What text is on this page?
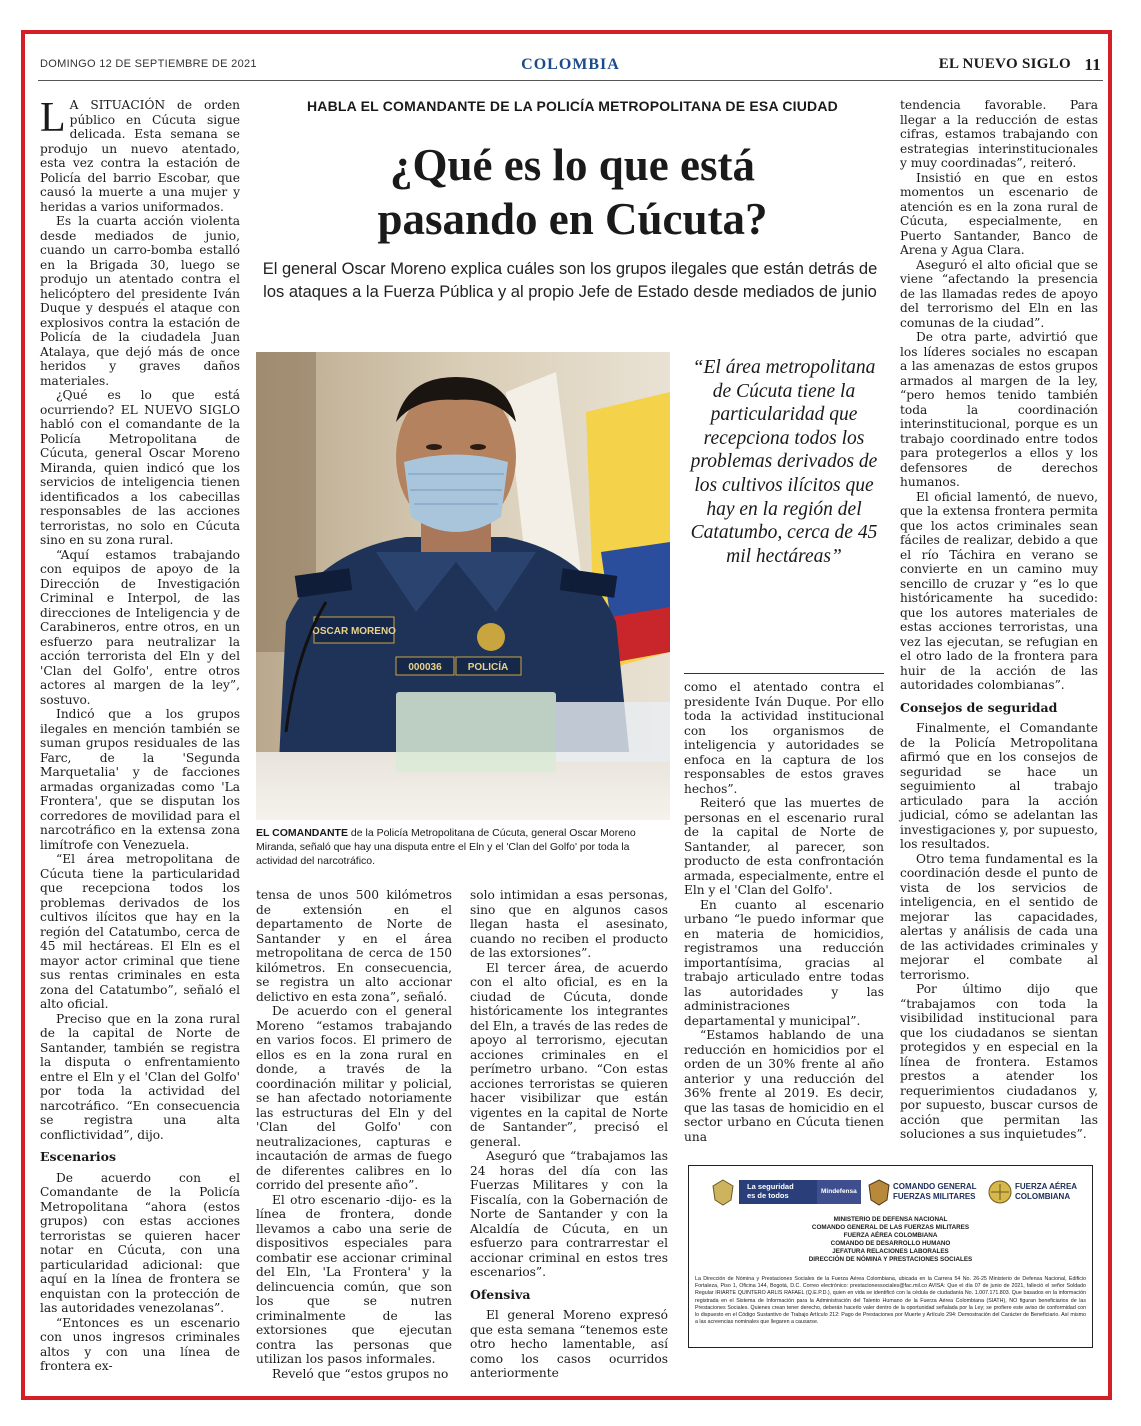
DOMINGO 12 DE SEPTIEMBRE DE 2021	COLOMBIA	EL NUEVO SIGLO 11

L A SITUACIÓN de orden público en Cúcuta sigue delicada. Esta semana se produjo un nuevo atentado, esta vez contra la estación de Policía del barrio Escobar, que causó la muerte a una mujer y heridas a varios uniformados.

Es la cuarta acción violenta desde mediados de junio, cuando un carro-bomba estalló en la Brigada 30, luego se produjo un atentado contra el helicóptero del presidente Iván Duque y después el ataque con explosivos contra la estación de Policía de la ciudadela Juan Atalaya, que dejó más de once heridos y graves daños materiales.

¿Qué es lo que está ocurriendo? EL NUEVO SIGLO habló con el comandante de la Policía Metropolitana de Cúcuta, general Oscar Moreno Miranda, quien indicó que los servicios de inteligencia tienen identificados a los cabecillas responsables de las acciones terroristas, no solo en Cúcuta sino en su zona rural.

“Aquí estamos trabajando con equipos de apoyo de la Dirección de Investigación Criminal e Interpol, de las direcciones de Inteligencia y de Carabineros, entre otros, en un esfuerzo para neutralizar la acción terrorista del Eln y del 'Clan del Golfo', entre otros actores al margen de la ley”, sostuvo.

Indicó que a los grupos ilegales en mención también se suman grupos residuales de las Farc, de la 'Segunda Marquetalia' y de facciones armadas organizadas como 'La Frontera', que se disputan los corredores de movilidad para el narcotráfico en la extensa zona limítrofe con Venezuela.

“El área metropolitana de Cúcuta tiene la particularidad que recepciona todos los problemas derivados de los cultivos ilícitos que hay en la región del Catatumbo, cerca de 45 mil hectáreas. El Eln es el mayor actor criminal que tiene sus rentas criminales en esta zona del Catatumbo”, señaló el alto oficial.

Preciso que en la zona rural de la capital de Norte de Santander, también se registra la disputa o enfrentamiento entre el Eln y el 'Clan del Golfo' por toda la actividad del narcotráfico. “En consecuencia se registra una alta conflictividad”, dijo.

Escenarios

De acuerdo con el Comandante de la Policía Metropolitana “ahora (estos grupos) con estas acciones terroristas se quieren hacer notar en Cúcuta, con una particularidad adicional: que aquí en la línea de frontera se enquistan con la protección de las autoridades venezolanas”.

“Entonces es un escenario con unos ingresos criminales altos y con una línea de frontera ex-

HABLA EL COMANDANTE DE LA POLICÍA METROPOLITANA DE ESA CIUDAD
¿Qué es lo que está
pasando en Cúcuta?
El general Oscar Moreno explica cuáles son los grupos ilegales que están detrás de los ataques a la Fuerza Pública y al propio Jefe de Estado desde mediados de junio
OSCAR MORENO
000036	POLICÍA
EL COMANDANTE de la Policía Metropolitana de Cúcuta, general Oscar Moreno Miranda, señaló que hay una disputa entre el Eln y el 'Clan del Golfo' por toda la actividad del narcotráfico.
“El área metropolitana de Cúcuta tiene la particularidad que recepciona todos los problemas derivados de los cultivos ilícitos que hay en la región del Catatumbo, cerca de 45 mil hectáreas”

tensa de unos 500 kilómetros de extensión en el departamento de Norte de Santander y en el área metropolitana de cerca de 150 kilómetros. En consecuencia, se registra un alto accionar delictivo en esta zona”, señaló.

De acuerdo con el general Moreno “estamos trabajando en varios focos. El primero de ellos es en la zona rural en donde, a través de la coordinación militar y policial, se han afectado notoriamente las estructuras del Eln y del 'Clan del Golfo' con neutralizaciones, capturas e incautación de armas de fuego de diferentes calibres en lo corrido del presente año”.

El otro escenario -dijo- es la línea de frontera, donde llevamos a cabo una serie de dispositivos especiales para combatir ese accionar criminal del Eln, 'La Frontera' y la delincuencia común, que son los que se nutren criminalmente de las extorsiones que ejecutan contra las personas que utilizan los pasos informales.

Reveló que “estos grupos no

solo intimidan a esas personas, sino que en algunos casos llegan hasta el asesinato, cuando no reciben el producto de las extorsiones”.

El tercer área, de acuerdo con el alto oficial, es en la ciudad de Cúcuta, donde históricamente los integrantes del Eln, a través de las redes de apoyo al terrorismo, ejecutan acciones criminales en el perímetro urbano. “Con estas acciones terroristas se quieren hacer visibilizar que están vigentes en la capital de Norte de Santander”, precisó el general.

Aseguró que “trabajamos las 24 horas del día con las Fuerzas Militares y con la Fiscalía, con la Gobernación de Norte de Santander y con la Alcaldía de Cúcuta, en un esfuerzo para contrarrestar el accionar criminal en estos tres escenarios”.

Ofensiva

El general Moreno expresó que esta semana “tenemos este otro hecho lamentable, así como los casos ocurridos anteriormente

como el atentado contra el presidente Iván Duque. Por ello toda la actividad institucional con los organismos de inteligencia y autoridades se enfoca en la captura de los responsables de estos graves hechos”.

Reiteró que las muertes de personas en el escenario rural de la capital de Norte de Santander, al parecer, son producto de esta confrontación armada, especialmente, entre el Eln y el 'Clan del Golfo'.

En cuanto al escenario urbano “le puedo informar que en materia de homicidios, registramos una reducción importantísima, gracias al trabajo articulado entre todas las autoridades y las administraciones departamental y municipal”.

“Estamos hablando de una reducción en homicidios por el orden de un 30% frente al año anterior y una reducción del 36% frente al 2019. Es decir, que las tasas de homicidio en el sector urbano en Cúcuta tienen una

tendencia favorable. Para llegar a la reducción de estas cifras, estamos trabajando con estrategias interinstitucionales y muy coordinadas”, reiteró.

Insistió en que en estos momentos un escenario de atención es en la zona rural de Cúcuta, especialmente, en Puerto Santander, Banco de Arena y Agua Clara.

Aseguró el alto oficial que se viene “afectando la presencia de las llamadas redes de apoyo del terrorismo del Eln en las comunas de la ciudad”.

De otra parte, advirtió que los líderes sociales no escapan a las amenazas de estos grupos armados al margen de la ley, “pero hemos tenido también toda la coordinación interinstitucional, porque es un trabajo coordinado entre todos para protegerlos a ellos y los defensores de derechos humanos.

El oficial lamentó, de nuevo, que la extensa frontera permita que los actos criminales sean fáciles de realizar, debido a que el río Táchira en verano se convierte en un camino muy sencillo de cruzar y “es lo que históricamente ha sucedido: que los autores materiales de estas acciones terroristas, una vez las ejecutan, se refugian en el otro lado de la frontera para huir de la acción de las autoridades colombianas”.

Consejos de seguridad

Finalmente, el Comandante de la Policía Metropolitana afirmó que en los consejos de seguridad se hace un seguimiento al trabajo articulado para la acción judicial, cómo se adelantan las investigaciones y, por supuesto, los resultados.

Otro tema fundamental es la coordinación desde el punto de vista de los servicios de inteligencia, en el sentido de mejorar las capacidades, alertas y análisis de cada una de las actividades criminales y mejorar el combate al terrorismo.

Por último dijo que “trabajamos con toda la visibilidad institucional para que los ciudadanos se sientan protegidos y en especial en la línea de frontera. Estamos prestos a atender los requerimientos ciudadanos y, por supuesto, buscar cursos de acción que permitan las soluciones a sus inquietudes”.

La seguridad
es de todos	Mindefensa
COMANDO GENERAL
FUERZAS MILITARES
FUERZA AÉREA
COLOMBIANA
MINISTERIO DE DEFENSA NACIONAL
COMANDO GENERAL DE LAS FUERZAS MILITARES
FUERZA AÉREA COLOMBIANA
COMANDO DE DESARROLLO HUMANO
JEFATURA RELACIONES LABORALES
DIRECCIÓN DE NÓMINA Y PRESTACIONES SOCIALES
La Dirección de Nómina y Prestaciones Sociales de la Fuerza Aérea Colombiana, ubicada en la Carrera 54 No. 26-25 Ministerio de Defensa Nacional, Edificio Fortaleza, Piso 1, Oficina 144, Bogotá, D.C. Correo electrónico: prestacionessociales@fac.mil.co AVISA: Que el día 07 de junio de 2021, falleció el señor Soldado Regular IRIARTE QUINTERO ARLIS RAFAEL (Q.E.P.D.), quien en vida se identificó con la cédula de ciudadanía No. 1.007.171.803. Que basados en la información registrada en el Sistema de Información para la Administración del Talento Humano de la Fuerza Aérea Colombiana (SIATH), NO figuran beneficiarios de las Prestaciones Sociales. Quienes crean tener derecho, deberán hacerlo valer dentro de la oportunidad señalada por la Ley; se profiere este aviso de conformidad con lo dispuesto en el Código Sustantivo de Trabajo Artículo 212: Pago de Prestaciones por Muerte y Artículo 294: Demostración del Carácter de Beneficiario. Así mismo a las acreencias nominales que llegaren a causarse.
